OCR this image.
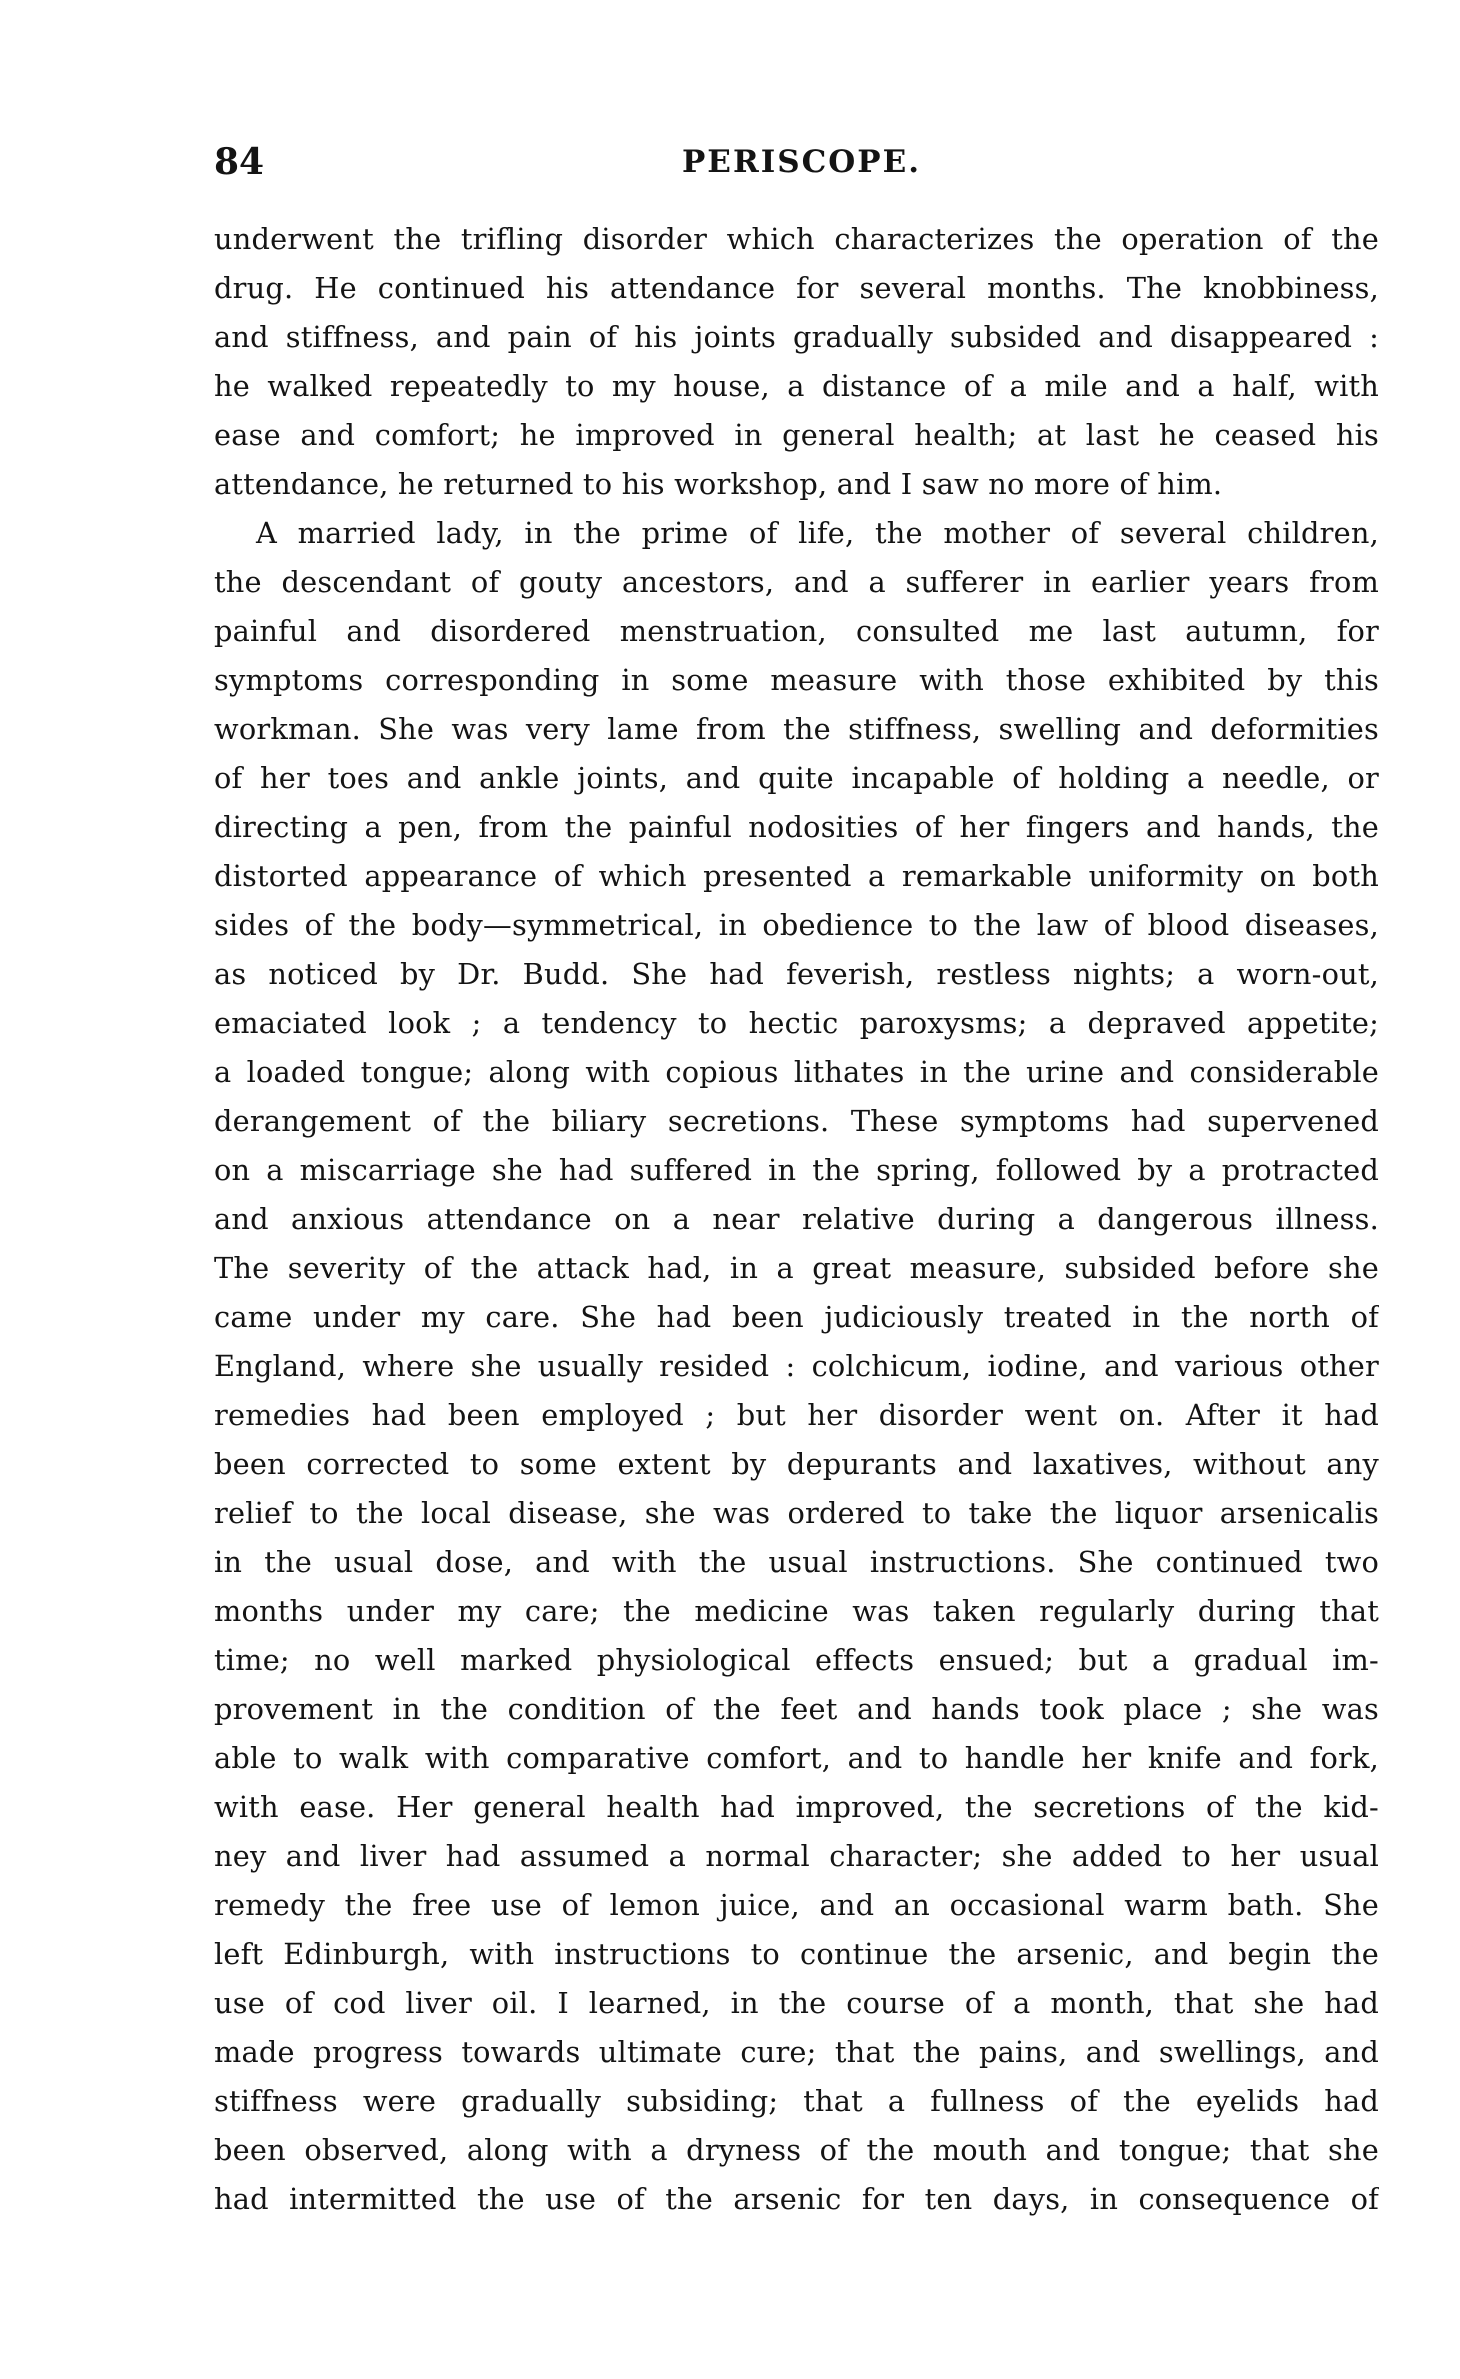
84	PERISCOPE.
underwent the trifling disorder which characterizes the operation of the
drug. He continued his attendance for several months. The knobbiness,
and stiffness, and pain of his joints gradually subsided and disappeared :
he walked repeatedly to my house, a distance of a mile and a half, with
ease and comfort; he improved in general health; at last he ceased his
attendance, he returned to his workshop, and I saw no more of him.
A married lady, in the prime of life, the mother of several children,
the descendant of gouty ancestors, and a sufferer in earlier years from
painful and disordered menstruation, consulted me last autumn, for
symptoms corresponding in some measure with those exhibited by this
workman. She was very lame from the stiffness, swelling and deformities
of her toes and ankle joints, and quite incapable of holding a needle, or
directing a pen, from the painful nodosities of her fingers and hands, the
distorted appearance of which presented a remarkable uniformity on both
sides of the body—symmetrical, in obedience to the law of blood diseases,
as noticed by Dr. Budd. She had feverish, restless nights; a worn-out,
emaciated look ; a tendency to hectic paroxysms; a depraved appetite;
a loaded tongue; along with copious lithates in the urine and considerable
derangement of the biliary secretions. These symptoms had supervened
on a miscarriage she had suffered in the spring, followed by a protracted
and anxious attendance on a near relative during a dangerous illness.
The severity of the attack had, in a great measure, subsided before she
came under my care. She had been judiciously treated in the north of
England, where she usually resided : colchicum, iodine, and various other
remedies had been employed ; but her disorder went on. After it had
been corrected to some extent by depurants and laxatives, without any
relief to the local disease, she was ordered to take the liquor arsenicalis
in the usual dose, and with the usual instructions. She continued two
months under my care; the medicine was taken regularly during that
time; no well marked physiological effects ensued; but a gradual im-
provement in the condition of the feet and hands took place ; she was
able to walk with comparative comfort, and to handle her knife and fork,
with ease. Her general health had improved, the secretions of the kid-
ney and liver had assumed a normal character; she added to her usual
remedy the free use of lemon juice, and an occasional warm bath. She
left Edinburgh, with instructions to continue the arsenic, and begin the
use of cod liver oil. I learned, in the course of a month, that she had
made progress towards ultimate cure; that the pains, and swellings, and
stiffness were gradually subsiding; that a fullness of the eyelids had
been observed, along with a dryness of the mouth and tongue; that she
had intermitted the use of the arsenic for ten days, in consequence of
